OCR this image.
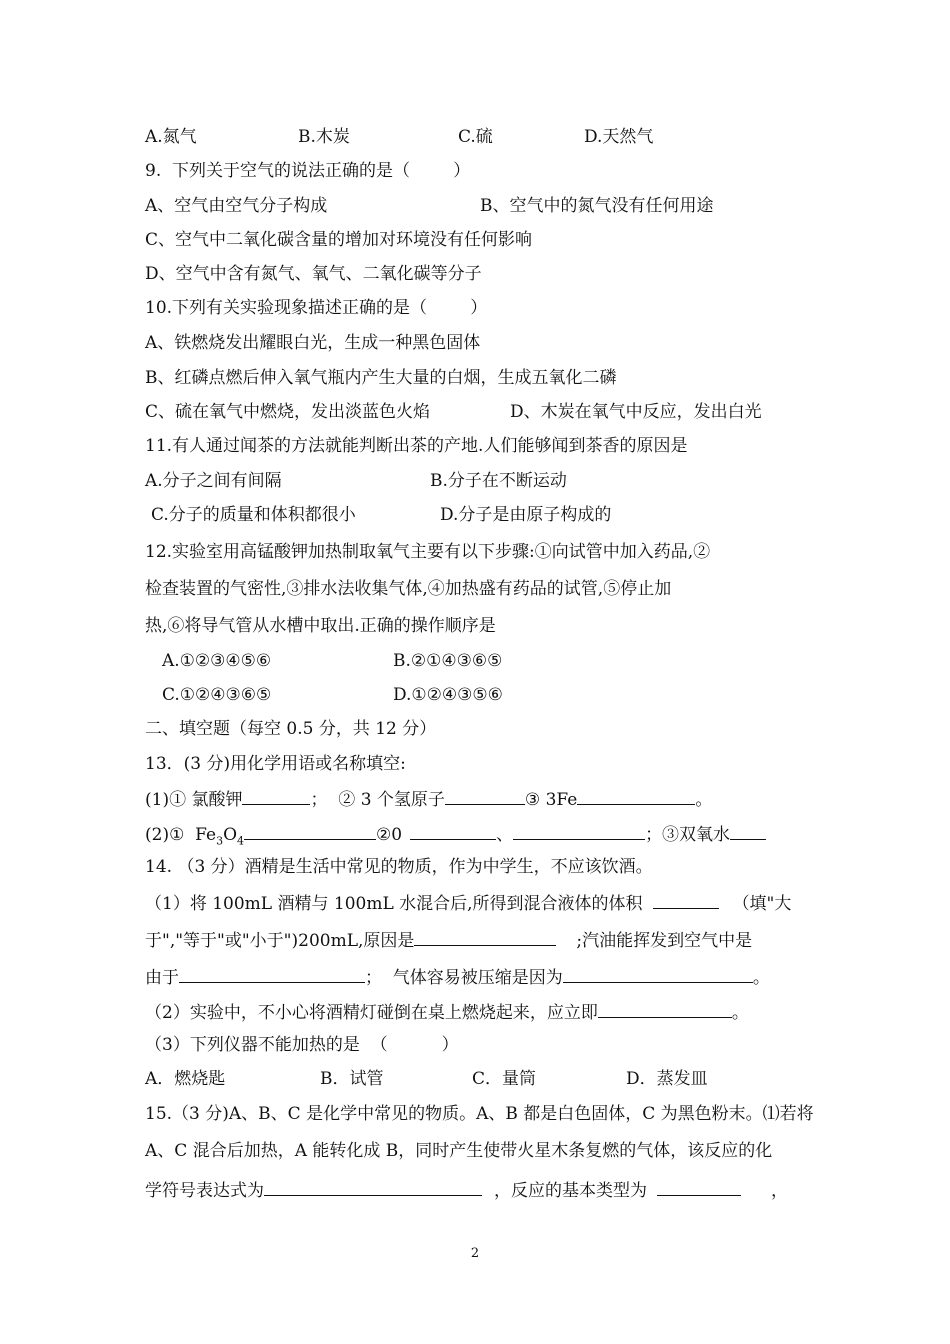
A.氮气	B.木炭	C.硫	D.天然气
9.  下列关于空气的说法正确的是（        ）
A、空气由空气分子构成	B、空气中的氮气没有任何用途
C、空气中二氧化碳含量的增加对环境没有任何影响
D、空气中含有氮气、氧气、二氧化碳等分子
10.下列有关实验现象描述正确的是（        ）
A、铁燃烧发出耀眼白光，生成一种黑色固体
B、红磷点燃后伸入氧气瓶内产生大量的白烟，生成五氧化二磷
C、硫在氧气中燃烧，发出淡蓝色火焰	D、木炭在氧气中反应，发出白光
11.有人通过闻茶的方法就能判断出茶的产地.人们能够闻到茶香的原因是
A.分子之间有间隔	B.分子在不断运动
C.分子的质量和体积都很小	D.分子是由原子构成的
12.实验室用高锰酸钾加热制取氧气主要有以下步骤:①向试管中加入药品,②
检查装置的气密性,③排水法收集气体,④加热盛有药品的试管,⑤停止加
热,⑥将导气管从水槽中取出.正确的操作顺序是
A.①②③④⑤⑥	B.②①④③⑥⑤
C.①②④③⑥⑤	D.①②④③⑤⑥
二、填空题（每空 0.5 分，共 12 分）
13．(3 分)用化学用语或名称填空:
(1)① 氯酸钾	；  ② 3 个氢原子	③ 3Fe	。
(2)①  $Fe_3O_4$	②0	、	；③双氧水
14. （3 分）酒精是生活中常见的物质，作为中学生，不应该饮酒。
（1）将 100mL 酒精与 100mL 水混合后,所得到混合液体的体积	（填"大
于","等于"或"小于")200mL,原因是	;汽油能挥发到空气中是
由于	；  气体容易被压缩是因为	。
（2）实验中，不小心将酒精灯碰倒在桌上燃烧起来，应立即	。
（3）下列仪器不能加热的是  （          ）
A．燃烧匙	B．试管	C．量筒	D．蒸发皿
15.（3 分)A、B、C 是化学中常见的物质。A、B 都是白色固体，C 为黑色粉末。⑴若将
A、C 混合后加热，A 能转化成 B，同时产生使带火星木条复燃的气体，该反应的化
学符号表达式为	，反应的基本类型为	，
2
